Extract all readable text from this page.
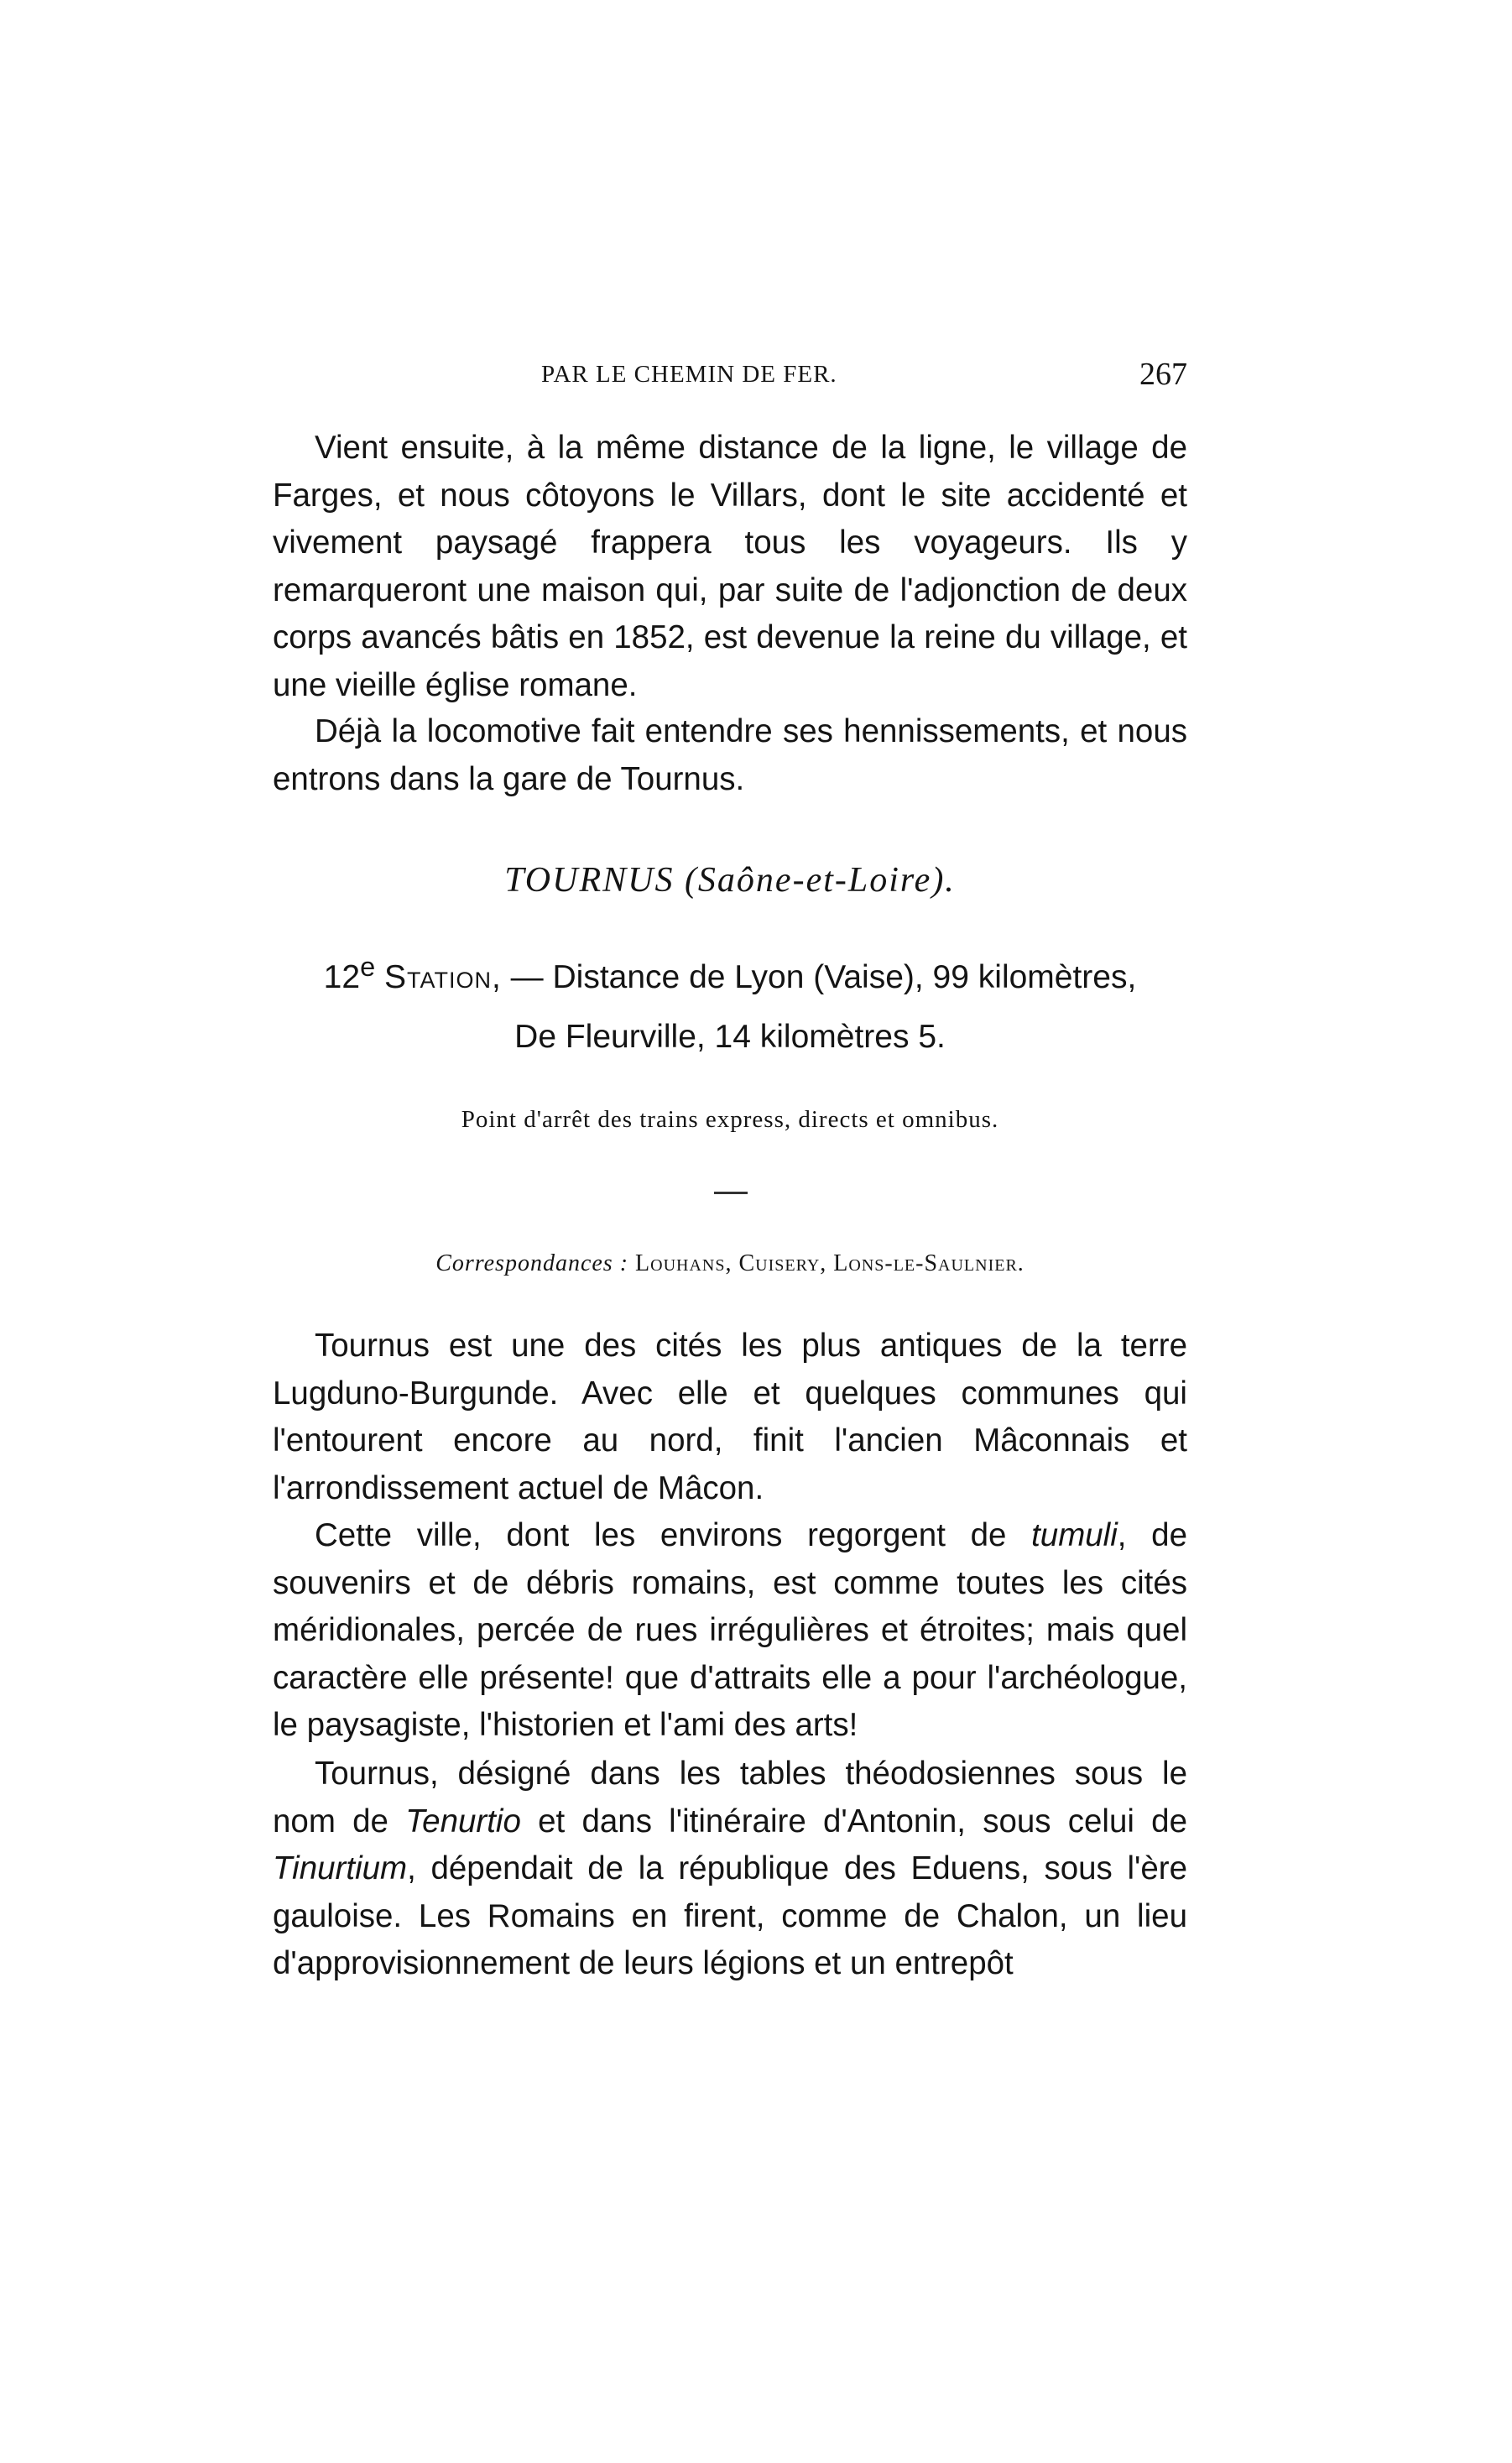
PAR LE CHEMIN DE FER.	267

Vient ensuite, à la même distance de la ligne, le village de Farges, et nous côtoyons le Villars, dont le site accidenté et vivement paysagé frappera tous les voyageurs. Ils y remarqueront une maison qui, par suite de l'adjonction de deux corps avancés bâtis en 1852, est devenue la reine du village, et une vieille église romane.

Déjà la locomotive fait entendre ses hennissements, et nous entrons dans la gare de Tournus.

TOURNUS (Saône-et-Loire).

12e Station, — Distance de Lyon (Vaise), 99 kilomètres,

De Fleurville, 14 kilomètres 5.

Point d'arrêt des trains express, directs et omnibus.

Correspondances : Louhans, Cuisery, Lons-le-Saulnier.

Tournus est une des cités les plus antiques de la terre Lugduno-Burgunde. Avec elle et quelques communes qui l'entourent encore au nord, finit l'ancien Mâconnais et l'arrondissement actuel de Mâcon.

Cette ville, dont les environs regorgent de tumuli, de souvenirs et de débris romains, est comme toutes les cités méridionales, percée de rues irrégulières et étroites; mais quel caractère elle présente! que d'attraits elle a pour l'archéologue, le paysagiste, l'historien et l'ami des arts!

Tournus, désigné dans les tables théodosiennes sous le nom de Tenurtio et dans l'itinéraire d'Antonin, sous celui de Tinurtium, dépendait de la république des Eduens, sous l'ère gauloise. Les Romains en firent, comme de Chalon, un lieu d'approvisionnement de leurs légions et un entrepôt
